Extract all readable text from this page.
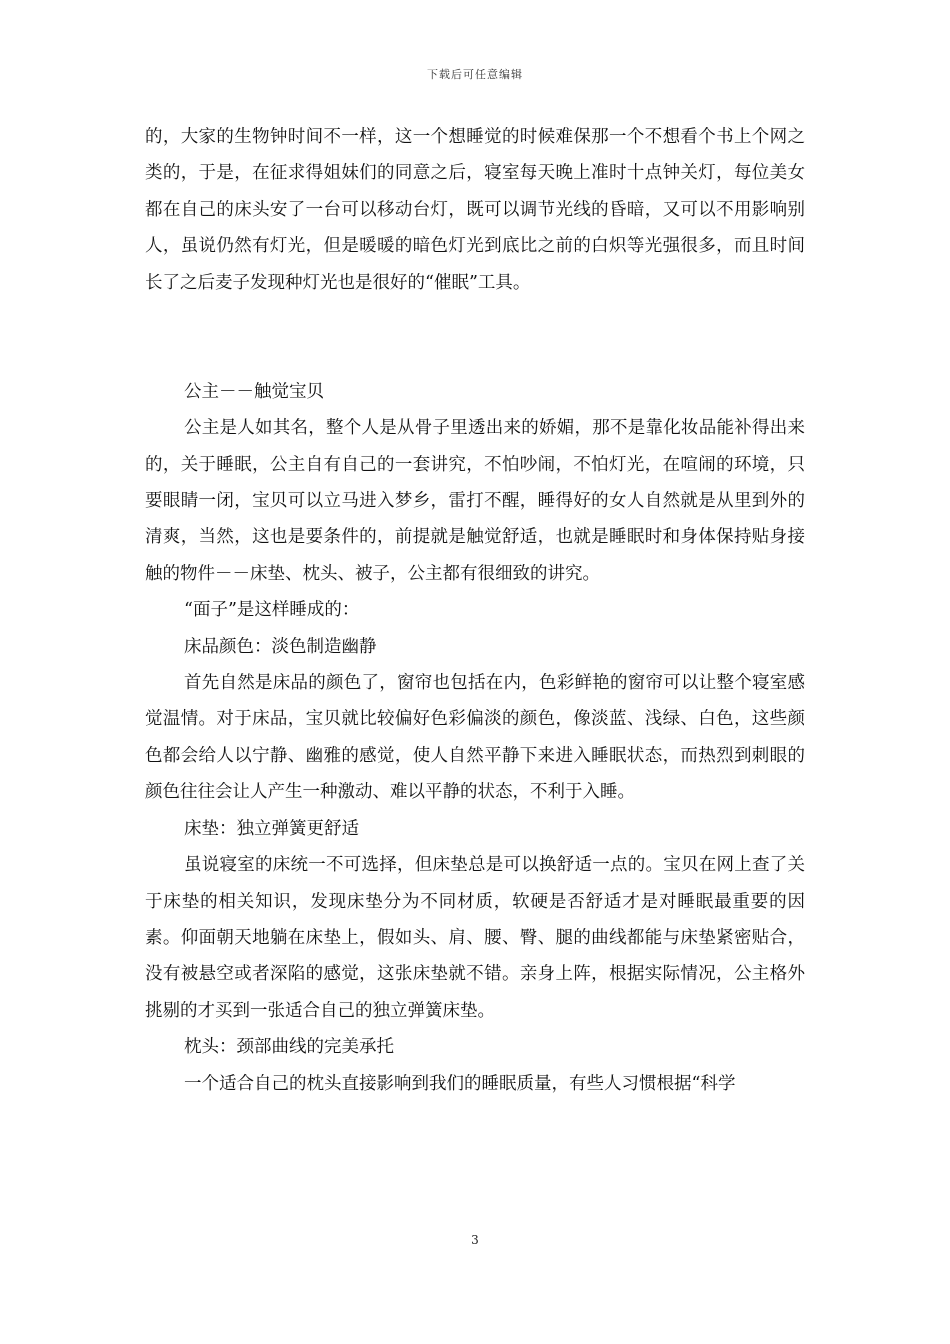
下载后可任意编辑

的，大家的生物钟时间不一样，这一个想睡觉的时候难保那一个不想看个书上个网之类的，于是，在征求得姐妹们的同意之后，寝室每天晚上准时十点钟关灯，每位美女都在自己的床头安了一台可以移动台灯，既可以调节光线的昏暗，又可以不用影响别人，虽说仍然有灯光，但是暖暖的暗色灯光到底比之前的白炽等光强很多，而且时间长了之后麦子发现种灯光也是很好的“催眠”工具。

公主－－触觉宝贝

公主是人如其名，整个人是从骨子里透出来的娇媚，那不是靠化妆品能补得出来的，关于睡眠，公主自有自己的一套讲究，不怕吵闹，不怕灯光，在喧闹的环境，只要眼睛一闭，宝贝可以立马进入梦乡，雷打不醒，睡得好的女人自然就是从里到外的清爽，当然，这也是要条件的，前提就是触觉舒适，也就是睡眠时和身体保持贴身接触的物件－－床垫、枕头、被子，公主都有很细致的讲究。

“面子”是这样睡成的：

床品颜色：淡色制造幽静

首先自然是床品的颜色了，窗帘也包括在内，色彩鲜艳的窗帘可以让整个寝室感觉温情。对于床品，宝贝就比较偏好色彩偏淡的颜色，像淡蓝、浅绿、白色，这些颜色都会给人以宁静、幽雅的感觉，使人自然平静下来进入睡眠状态，而热烈到刺眼的颜色往往会让人产生一种激动、难以平静的状态，不利于入睡。

床垫：独立弹簧更舒适

虽说寝室的床统一不可选择，但床垫总是可以换舒适一点的。宝贝在网上查了关于床垫的相关知识，发现床垫分为不同材质，软硬是否舒适才是对睡眠最重要的因素。仰面朝天地躺在床垫上，假如头、肩、腰、臀、腿的曲线都能与床垫紧密贴合，没有被悬空或者深陷的感觉，这张床垫就不错。亲身上阵，根据实际情况，公主格外挑剔的才买到一张适合自己的独立弹簧床垫。

枕头：颈部曲线的完美承托

一个适合自己的枕头直接影响到我们的睡眠质量，有些人习惯根据“科学

3
